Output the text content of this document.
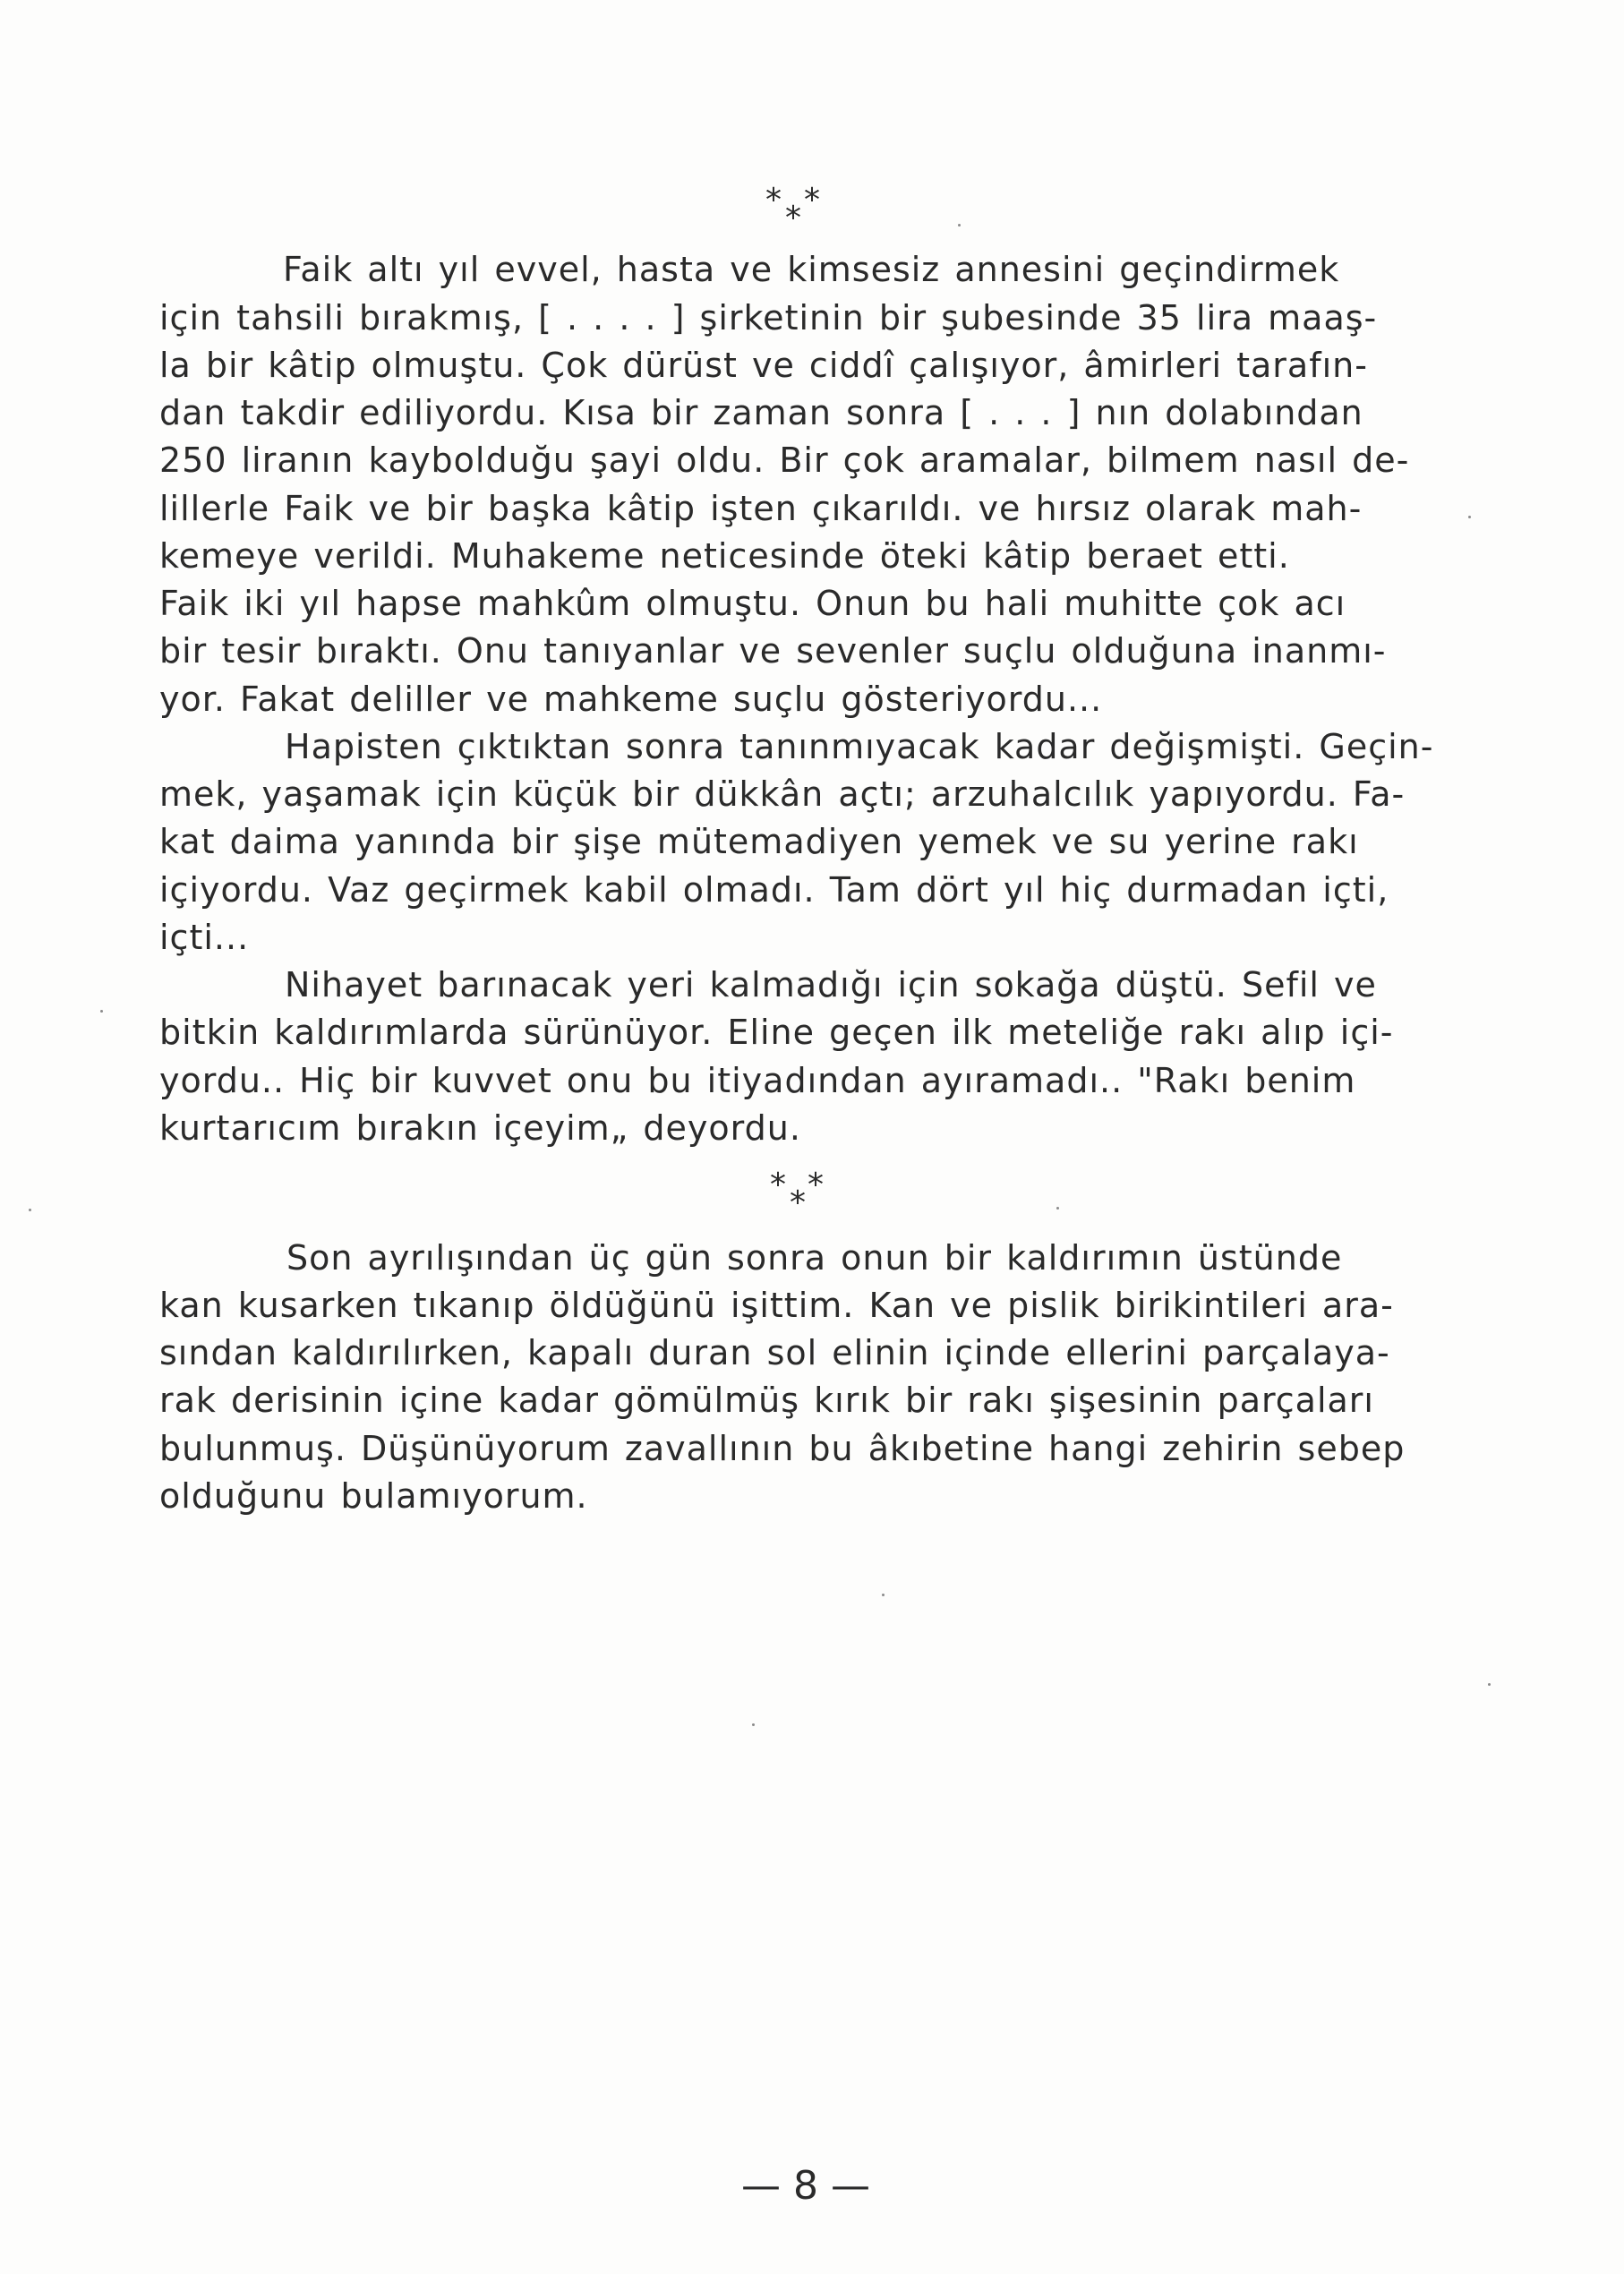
* *
*
Faik altı yıl evvel, hasta ve kimsesiz annesini geçindirmek
için tahsili bırakmış, [ . . . . ] şirketinin bir şubesinde 35 lira maaş-
la bir kâtip olmuştu. Çok dürüst ve ciddî çalışıyor, âmirleri tarafın-
dan takdir ediliyordu. Kısa bir zaman sonra [ . . . ] nın dolabından
250 liranın kaybolduğu şayi oldu. Bir çok aramalar, bilmem nasıl de-
lillerle Faik ve bir başka kâtip işten çıkarıldı. ve hırsız olarak mah-
kemeye verildi. Muhakeme neticesinde öteki kâtip beraet etti.
Faik iki yıl hapse mahkûm olmuştu. Onun bu hali muhitte çok acı
bir tesir bıraktı. Onu tanıyanlar ve sevenler suçlu olduğuna inanmı-
yor. Fakat deliller ve mahkeme suçlu gösteriyordu...
Hapisten çıktıktan sonra tanınmıyacak kadar değişmişti. Geçin-
mek, yaşamak için küçük bir dükkân açtı; arzuhalcılık yapıyordu. Fa-
kat daima yanında bir şişe mütemadiyen yemek ve su yerine rakı
içiyordu. Vaz geçirmek kabil olmadı. Tam dört yıl hiç durmadan içti,
içti...
Nihayet barınacak yeri kalmadığı için sokağa düştü. Sefil ve
bitkin kaldırımlarda sürünüyor. Eline geçen ilk meteliğe rakı alıp içi-
yordu.. Hiç bir kuvvet onu bu itiyadından ayıramadı.. "Rakı benim
kurtarıcım bırakın içeyim„ deyordu.
* *
*
Son ayrılışından üç gün sonra onun bir kaldırımın üstünde
kan kusarken tıkanıp öldüğünü işittim. Kan ve pislik birikintileri ara-
sından kaldırılırken, kapalı duran sol elinin içinde ellerini parçalaya-
rak derisinin içine kadar gömülmüş kırık bir rakı şişesinin parçaları
bulunmuş. Düşünüyorum zavallının bu âkıbetine hangi zehirin sebep
olduğunu bulamıyorum.
— 8 —
